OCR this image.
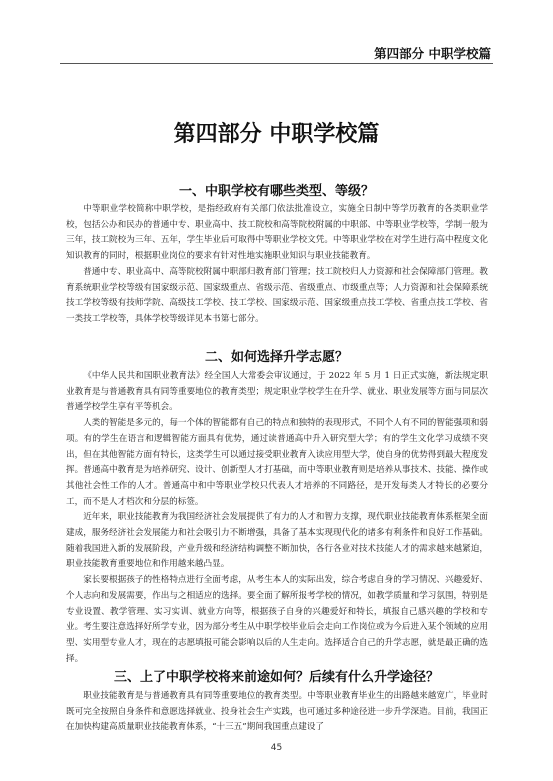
第四部分 中职学校篇
第四部分 中职学校篇
一、中职学校有哪些类型、等级？

中等职业学校简称中职学校，是指经政府有关部门依法批准设立，实施全日制中等学历教育的各类职业学校，包括公办和民办的普通中专、职业高中、技工院校和高等院校附属的中职部、中等职业学校等，学制一般为三年，技工院校为三年、五年，学生毕业后可取得中等职业学校文凭。中等职业学校在对学生进行高中程度文化知识教育的同时，根据职业岗位的要求有针对性地实施职业知识与职业技能教育。

普通中专、职业高中、高等院校附属中职部归教育部门管理；技工院校归人力资源和社会保障部门管理。教育系统职业学校等级有国家级示范、国家级重点、省级示范、省级重点、市级重点等；人力资源和社会保障系统技工学校等级有技师学院、高级技工学校、技工学校、国家级示范、国家级重点技工学校、省重点技工学校、省一类技工学校等，具体学校等级详见本书第七部分。

二、如何选择升学志愿？

《中华人民共和国职业教育法》经全国人大常委会审议通过，于 2022 年 5 月 1 日正式实施，新法规定职业教育是与普通教育具有同等重要地位的教育类型；规定职业学校学生在升学、就业、职业发展等方面与同层次普通学校学生享有平等机会。

人类的智能是多元的，每一个体的智能都有自己的特点和独特的表现形式，不同个人有不同的智能强项和弱项。有的学生在语言和逻辑智能方面具有优势，通过读普通高中升入研究型大学；有的学生文化学习成绩不突出，但在其他智能方面有特长，这类学生可以通过接受职业教育入读应用型大学，使自身的优势得到最大程度发挥。普通高中教育是为培养研究、设计、创新型人才打基础，而中等职业教育则是培养从事技术、技能、操作或其他社会性工作的人才。普通高中和中等职业学校只代表人才培养的不同路径，是开发每类人才特长的必要分工，而不是人才档次和分层的标签。

近年来，职业技能教育为我国经济社会发展提供了有力的人才和智力支撑，现代职业技能教育体系框架全面建成，服务经济社会发展能力和社会吸引力不断增强，具备了基本实现现代化的诸多有利条件和良好工作基础。随着我国进入新的发展阶段，产业升级和经济结构调整不断加快，各行各业对技术技能人才的需求越来越紧迫，职业技能教育重要地位和作用越来越凸显。

家长要根据孩子的性格特点进行全面考虑，从考生本人的实际出发，综合考虑自身的学习情况、兴趣爱好、个人志向和发展需要，作出与之相适应的选择。要全面了解所报考学校的情况，如教学质量和学习氛围，特别是专业设置、教学管理、实习实训、就业方向等，根据孩子自身的兴趣爱好和特长，填报自己感兴趣的学校和专业。考生要注意选择好所学专业，因为部分考生从中职学校毕业后会走向工作岗位或为今后进入某个领域的应用型、实用型专业人才，现在的志愿填报可能会影响以后的人生走向。选择适合自己的升学志愿，就是最正确的选择。

三、上了中职学校将来前途如何？后续有什么升学途径？

职业技能教育是与普通教育具有同等重要地位的教育类型。中等职业教育毕业生的出路越来越宽广，毕业时既可完全按照自身条件和意愿选择就业、投身社会生产实践，也可通过多种途径进一步升学深造。目前，我国正在加快构建高质量职业技能教育体系，“十三五”期间我国重点建设了

45
